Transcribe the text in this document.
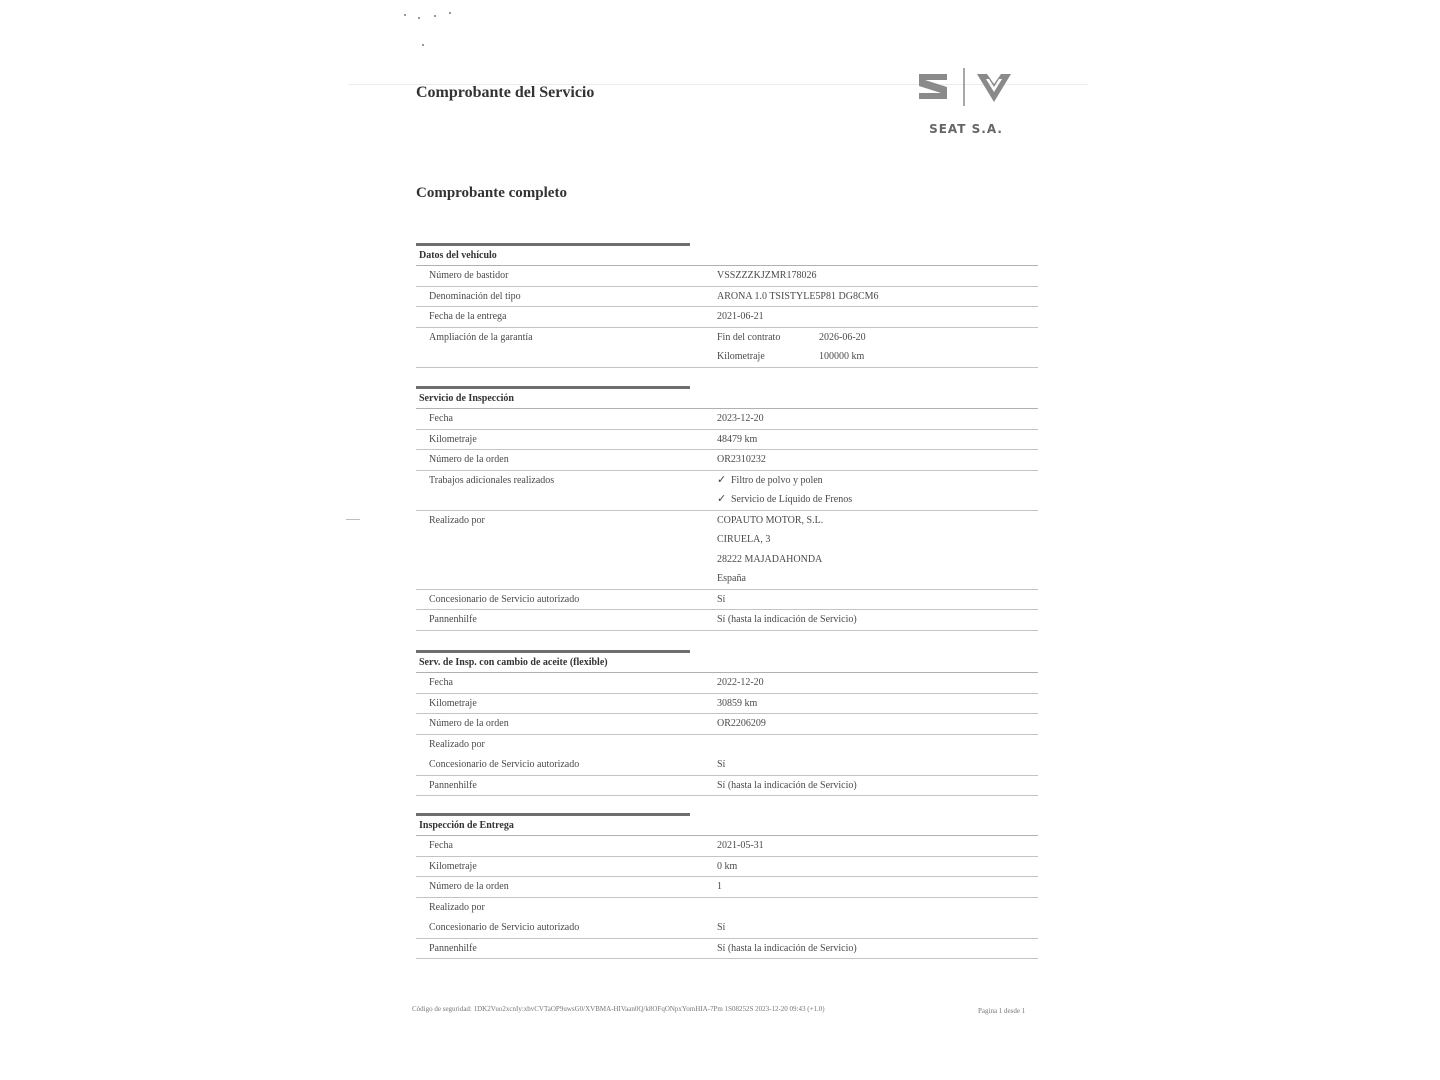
Comprobante del Servicio
SEAT S.A.
Comprobante completo
Datos del vehículo
Número de bastidor	VSSZZZKJZMR178026
Denominación del tipo	ARONA 1.0 TSISTYLE5P81 DG8CM6
Fecha de la entrega	2021-06-21
Ampliación de la garantía	Fin del contrato	2026-06-20
Kilometraje	100000 km
Servicio de Inspección
Fecha	2023-12-20
Kilometraje	48479 km
Número de la orden	OR2310232
Trabajos adicionales realizados	✓ Filtro de polvo y polen
✓ Servicio de Líquido de Frenos
Realizado por	COPAUTO MOTOR, S.L.
CIRUELA, 3
28222 MAJADAHONDA
España
Concesionario de Servicio autorizado	Sí
Pannenhilfe	Sí (hasta la indicación de Servicio)
Serv. de Insp. con cambio de aceite (flexible)
Fecha	2022-12-20
Kilometraje	30859 km
Número de la orden	OR2206209
Realizado por
Concesionario de Servicio autorizado	Sí
Pannenhilfe	Sí (hasta la indicación de Servicio)
Inspección de Entrega
Fecha	2021-05-31
Kilometraje	0 km
Número de la orden	1
Realizado por
Concesionario de Servicio autorizado	Sí
Pannenhilfe	Sí (hasta la indicación de Servicio)
Código de seguridad: 1DK2Vuo2xcnIy:xbvCVTaOP9uwsG0/XVBMA-HIVaan0Q/k8OFqONpxYomHIA-7Pm 1S08252S 2023-12-20 09:43 (+1.0)	Pagina 1 desde 1
